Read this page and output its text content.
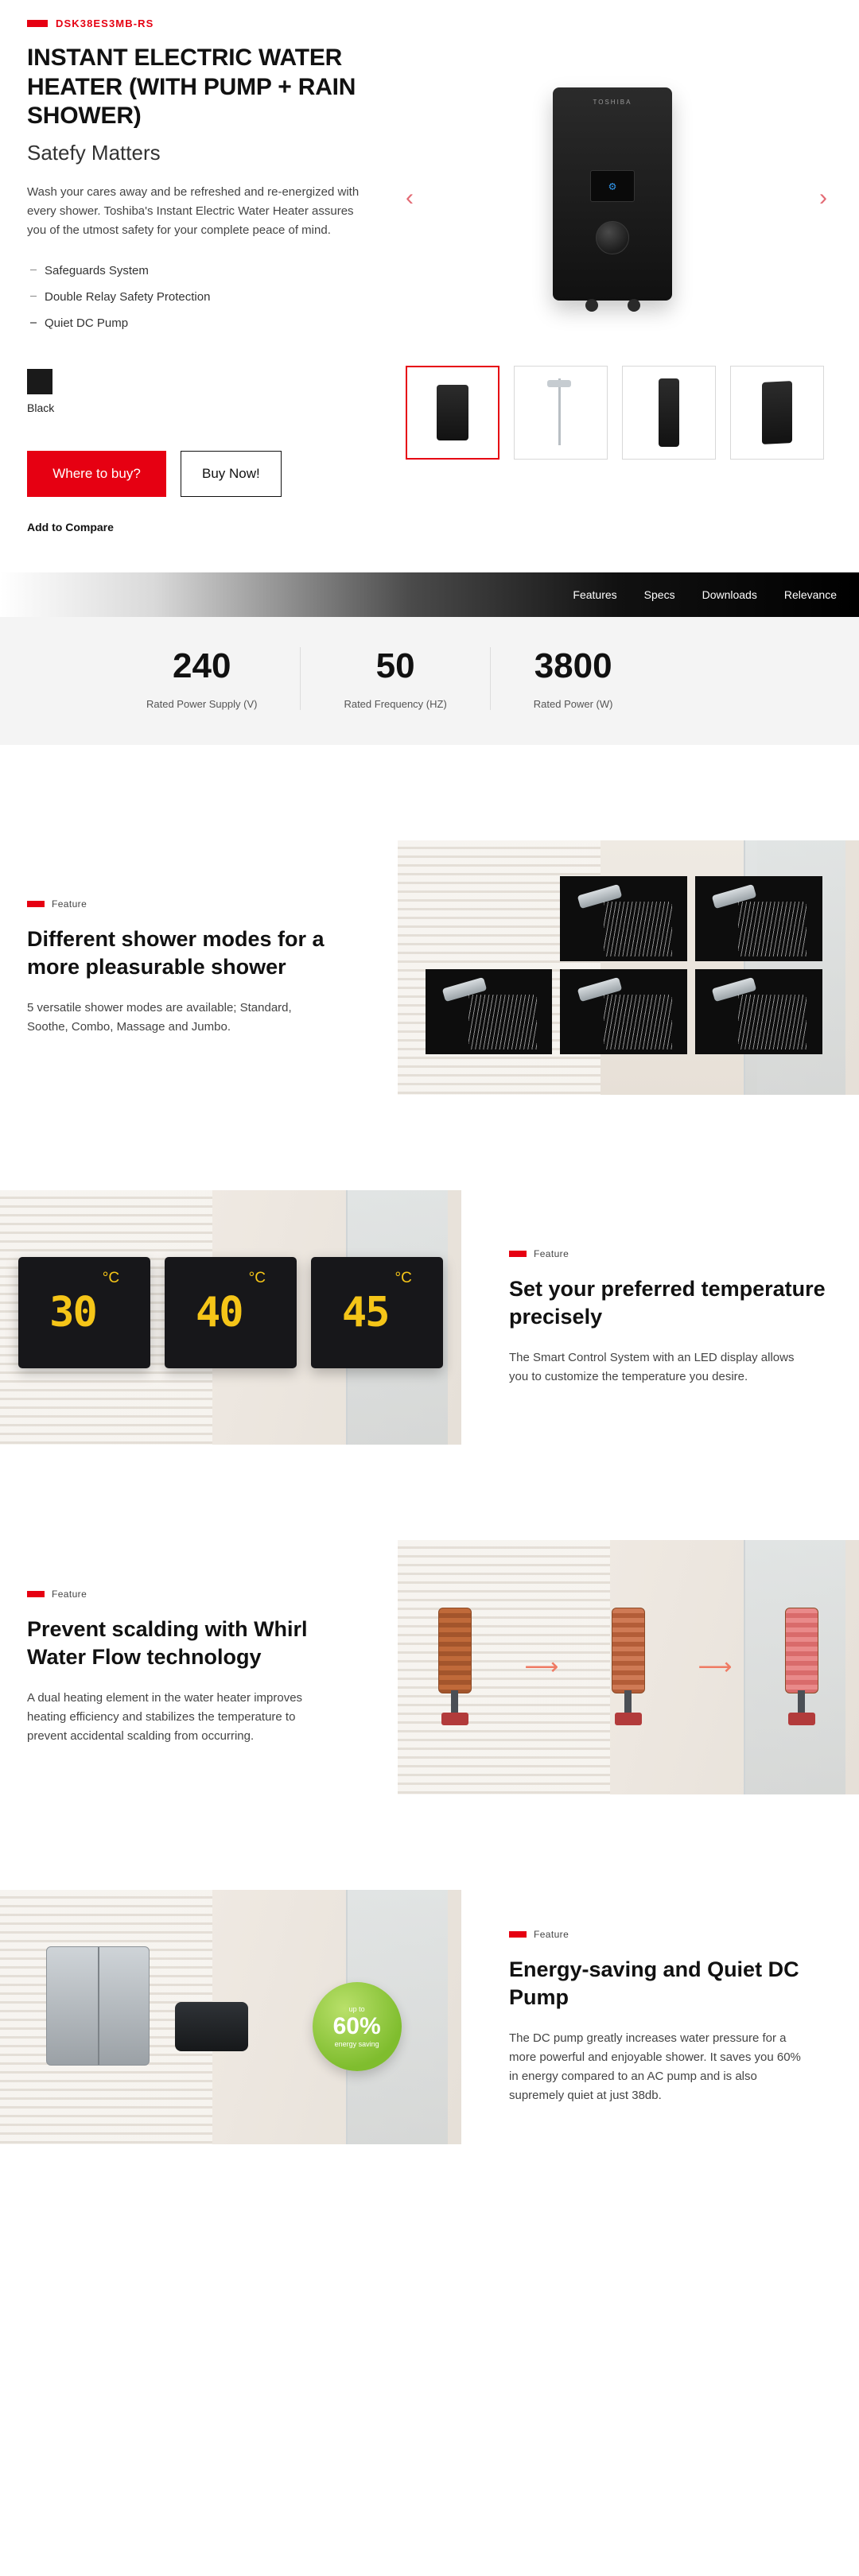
DSK38ES3MB-RS
INSTANT ELECTRIC WATER HEATER (WITH PUMP + RAIN SHOWER)
Satefy Matters

Wash your cares away and be refreshed and re-energized with every shower. Toshiba's Instant Electric Water Heater assures you of the utmost safety for your complete peace of mind.

Safeguards System
Double Relay Safety Protection
Quiet DC Pump
Black
Where to buy?	Buy Now!
Add to Compare
‹
TOSHIBA
⚙	›
Features Specs Downloads Relevance
240
Rated Power Supply (V)
50
Rated Frequency (HZ)
3800
Rated Power (W)
Feature
Different shower modes for a more pleasurable shower

5 versatile shower modes are available; Standard, Soothe, Combo, Massage and Jumbo.

30
°C
40
°C
45
°C
Feature
Set your preferred temperature precisely

The Smart Control System with an LED display allows you to customize the temperature you desire.

Feature
Prevent scalding with Whirl Water Flow technology

A dual heating element in the water heater improves heating efficiency and stabilizes the temperature to prevent accidental scalding from occurring.

⟶	⟶
up to
60%
energy saving
Feature
Energy-saving and Quiet DC Pump

The DC pump greatly increases water pressure for a more powerful and enjoyable shower. It saves you 60% in energy compared to an AC pump and is also supremely quiet at just 38db.
